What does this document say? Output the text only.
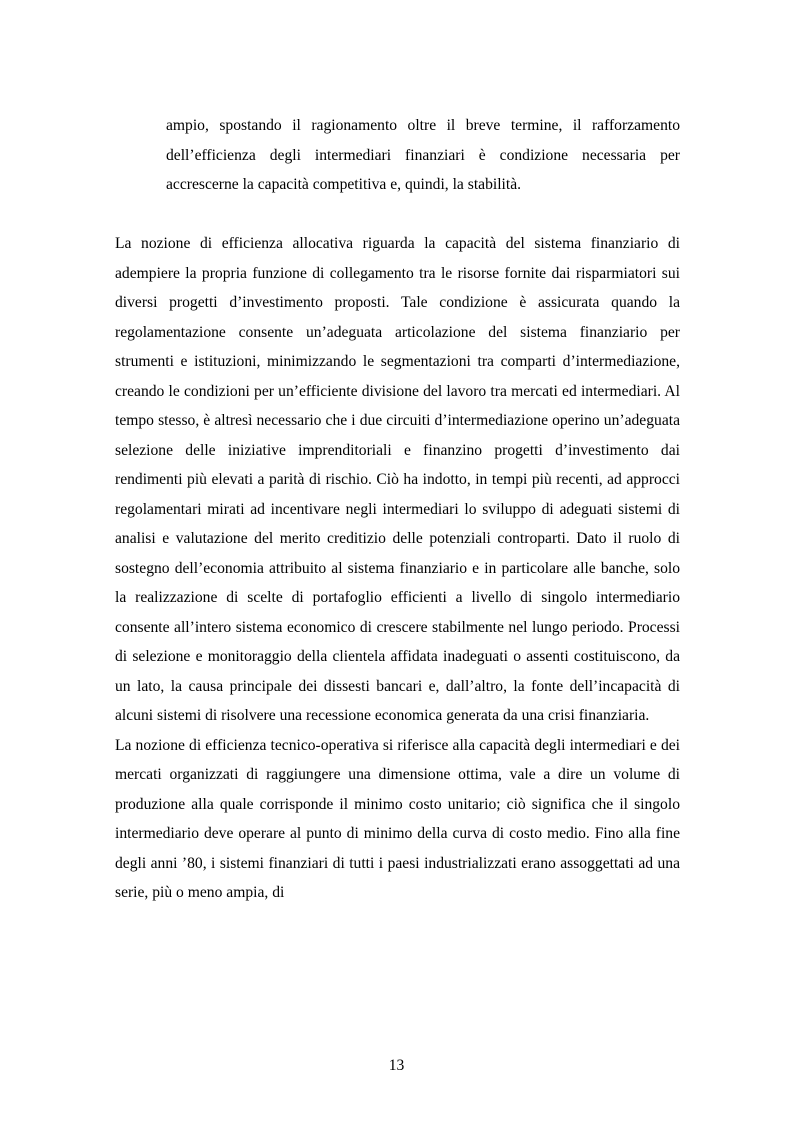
ampio, spostando il ragionamento oltre il breve termine, il rafforzamento dell’efficienza degli intermediari finanziari è condizione necessaria per accrescerne la capacità competitiva e, quindi, la stabilità.

La nozione di efficienza allocativa riguarda la capacità del sistema finanziario di adempiere la propria funzione di collegamento tra le risorse fornite dai risparmiatori sui diversi progetti d’investimento proposti. Tale condizione è assicurata quando la regolamentazione consente un’adeguata articolazione del sistema finanziario per strumenti e istituzioni, minimizzando le segmentazioni tra comparti d’intermediazione, creando le condizioni per un’efficiente divisione del lavoro tra mercati ed intermediari. Al tempo stesso, è altresì necessario che i due circuiti d’intermediazione operino un’adeguata selezione delle iniziative imprenditoriali e finanzino progetti d’investimento dai rendimenti più elevati a parità di rischio. Ciò ha indotto, in tempi più recenti, ad approcci regolamentari mirati ad incentivare negli intermediari lo sviluppo di adeguati sistemi di analisi e valutazione del merito creditizio delle potenziali controparti. Dato il ruolo di sostegno dell’economia attribuito al sistema finanziario e in particolare alle banche, solo la realizzazione di scelte di portafoglio efficienti a livello di singolo intermediario consente all’intero sistema economico di crescere stabilmente nel lungo periodo. Processi di selezione e monitoraggio della clientela affidata inadeguati o assenti costituiscono, da un lato, la causa principale dei dissesti bancari e, dall’altro, la fonte dell’incapacità di alcuni sistemi di risolvere una recessione economica generata da una crisi finanziaria.

La nozione di efficienza tecnico-operativa si riferisce alla capacità degli intermediari e dei mercati organizzati di raggiungere una dimensione ottima, vale a dire un volume di produzione alla quale corrisponde il minimo costo unitario; ciò significa che il singolo intermediario deve operare al punto di minimo della curva di costo medio. Fino alla fine degli anni ’80, i sistemi finanziari di tutti i paesi industrializzati erano assoggettati ad una serie, più o meno ampia, di

13
